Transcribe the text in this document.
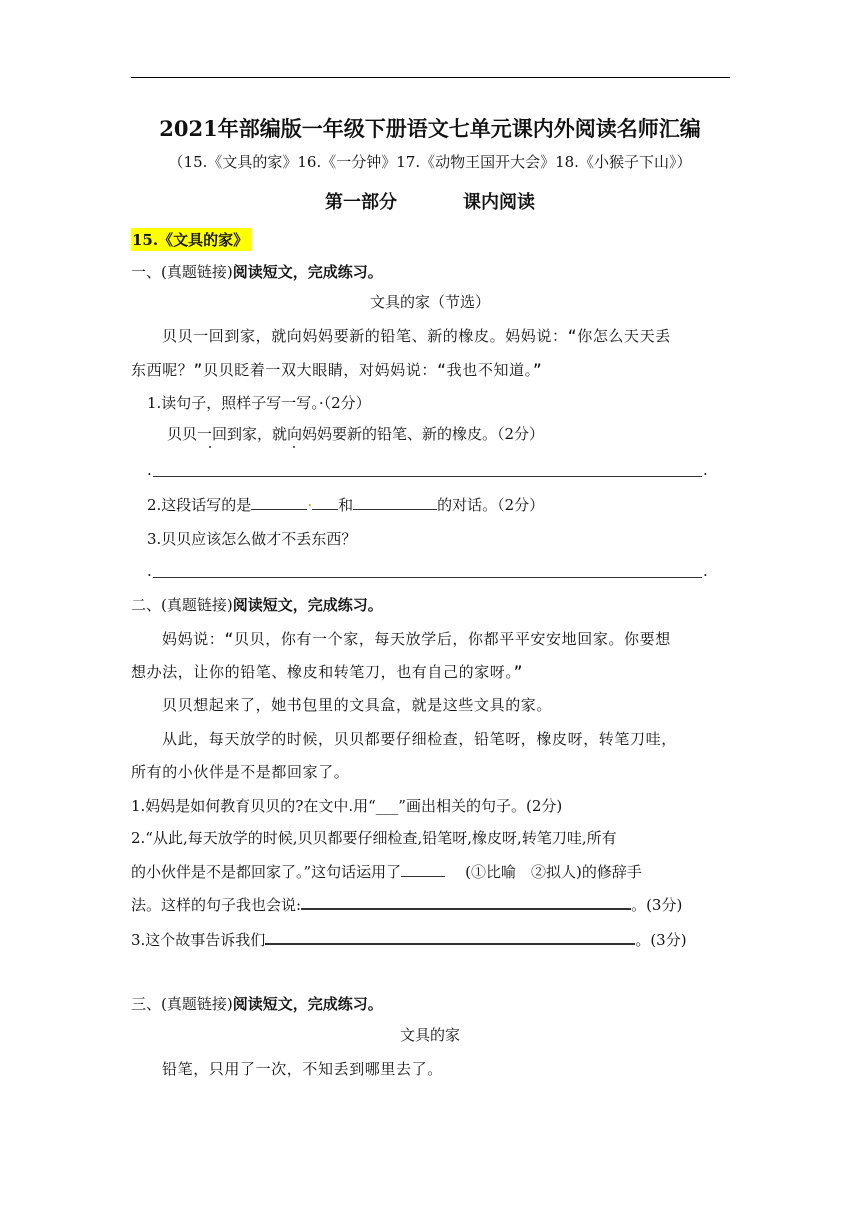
2021年部编版一年级下册语文七单元课内外阅读名师汇编
（15.《文具的家》16.《一分钟》17.《动物王国开大会》18.《小猴子下山》）
第一部分	课内阅读
15.《文具的家》
一、(真题链接)阅读短文，完成练习。
文具的家（节选）
贝贝一回到家，就向妈妈要新的铅笔、新的橡皮。妈妈说：“你怎么天天丢
东西呢？”贝贝眨着一双大眼睛，对妈妈说：“我也不知道。”
1.读句子，照样子写一写。·（2分）
贝贝一回到家，就向妈妈要新的铅笔、新的橡皮。（2分）
.	.
2.这段话写的是	· 和	的对话。（2分）
3.贝贝应该怎么做才不丢东西？
.	.
二、(真题链接)阅读短文，完成练习。
妈妈说：“贝贝，你有一个家，每天放学后，你都平平安安地回家。你要想
想办法，让你的铅笔、橡皮和转笔刀，也有自己的家呀。”
贝贝想起来了，她书包里的文具盒，就是这些文具的家。
从此，每天放学的时候，贝贝都要仔细检查，铅笔呀，橡皮呀，转笔刀哇，
所有的小伙伴是不是都回家了。
1.妈妈是如何教育贝贝的?在文中.用“___”画出相关的句子。(2分)
2.“从此,每天放学的时候,贝贝都要仔细检查,铅笔呀,橡皮呀,转笔刀哇,所有
的小伙伴是不是都回家了。”这句话运用了	(①比喻　②拟人)的修辞手
法。这样的句子我也会说:	。(3分)
3.这个故事告诉我们	。(3分)
三、(真题链接)阅读短文，完成练习。
文具的家
铅笔，只用了一次，不知丢到哪里去了。
